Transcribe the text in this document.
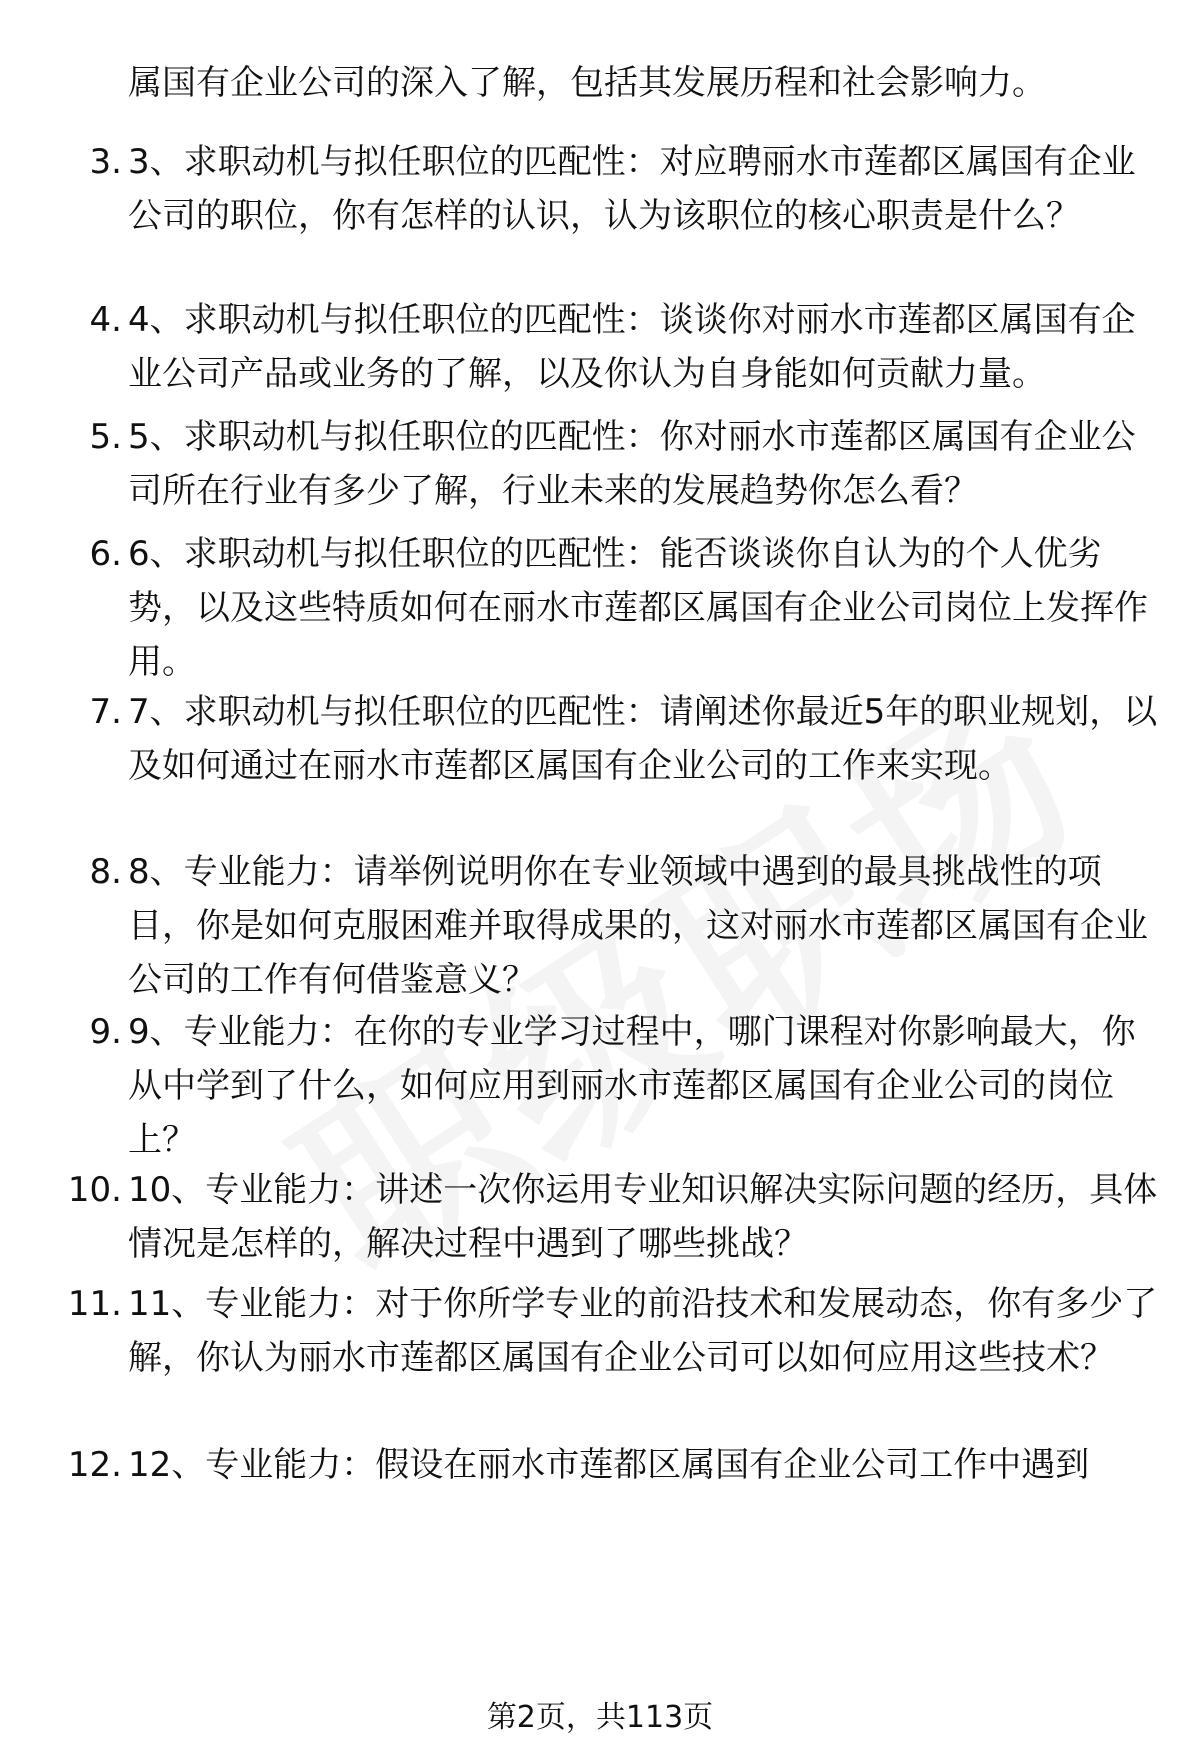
属国有企业公司的深入了解，包括其发展历程和社会影响力。

3. 3、求职动机与拟任职位的匹配性：对应聘丽水市莲都区属国有企业公司的职位，你有怎样的认识，认为该职位的核心职责是什么？
4. 4、求职动机与拟任职位的匹配性：谈谈你对丽水市莲都区属国有企业公司产品或业务的了解，以及你认为自身能如何贡献力量。
5. 5、求职动机与拟任职位的匹配性：你对丽水市莲都区属国有企业公司所在行业有多少了解，行业未来的发展趋势你怎么看？
6. 6、求职动机与拟任职位的匹配性：能否谈谈你自认为的个人优劣势，以及这些特质如何在丽水市莲都区属国有企业公司岗位上发挥作用。
7. 7、求职动机与拟任职位的匹配性：请阐述你最近5年的职业规划，以及如何通过在丽水市莲都区属国有企业公司的工作来实现。
8. 8、专业能力：请举例说明你在专业领域中遇到的最具挑战性的项目，你是如何克服困难并取得成果的，这对丽水市莲都区属国有企业公司的工作有何借鉴意义？
9. 9、专业能力：在你的专业学习过程中，哪门课程对你影响最大，你从中学到了什么，如何应用到丽水市莲都区属国有企业公司的岗位上？
10. 10、专业能力：讲述一次你运用专业知识解决实际问题的经历，具体情况是怎样的，解决过程中遇到了哪些挑战？
11. 11、专业能力：对于你所学专业的前沿技术和发展动态，你有多少了解，你认为丽水市莲都区属国有企业公司可以如何应用这些技术？
12. 12、专业能力：假设在丽水市莲都区属国有企业公司工作中遇到
第2页，共113页
